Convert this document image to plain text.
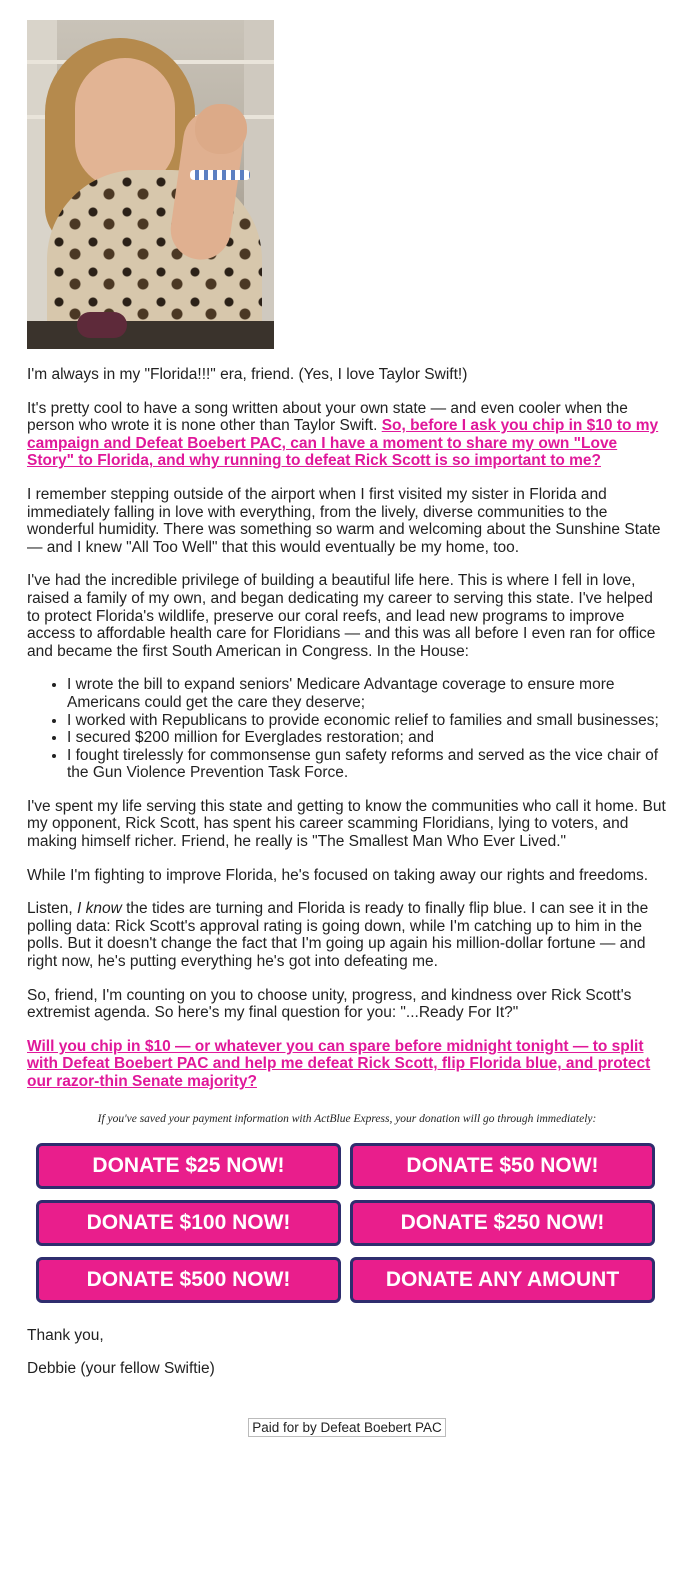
I'm always in my "Florida!!!" era, friend. (Yes, I love Taylor Swift!)

It's pretty cool to have a song written about your own state — and even cooler when the person who wrote it is none other than Taylor Swift. So, before I ask you chip in $10 to my campaign and Defeat Boebert PAC, can I have a moment to share my own "Love Story" to Florida, and why running to defeat Rick Scott is so important to me?

I remember stepping outside of the airport when I first visited my sister in Florida and immediately falling in love with everything, from the lively, diverse communities to the wonderful humidity. There was something so warm and welcoming about the Sunshine State — and I knew "All Too Well" that this would eventually be my home, too.

I've had the incredible privilege of building a beautiful life here. This is where I fell in love, raised a family of my own, and began dedicating my career to serving this state. I've helped to protect Florida's wildlife, preserve our coral reefs, and lead new programs to improve access to affordable health care for Floridians — and this was all before I even ran for office and became the first South American in Congress. In the House:

• I wrote the bill to expand seniors' Medicare Advantage coverage to ensure more Americans could get the care they deserve;
• I worked with Republicans to provide economic relief to families and small businesses;
• I secured $200 million for Everglades restoration; and
• I fought tirelessly for commonsense gun safety reforms and served as the vice chair of the Gun Violence Prevention Task Force.

I've spent my life serving this state and getting to know the communities who call it home. But my opponent, Rick Scott, has spent his career scamming Floridians, lying to voters, and making himself richer. Friend, he really is "The Smallest Man Who Ever Lived."

While I'm fighting to improve Florida, he's focused on taking away our rights and freedoms.

Listen, I know the tides are turning and Florida is ready to finally flip blue. I can see it in the polling data: Rick Scott's approval rating is going down, while I'm catching up to him in the polls. But it doesn't change the fact that I'm going up again his million-dollar fortune — and right now, he's putting everything he's got into defeating me.

So, friend, I'm counting on you to choose unity, progress, and kindness over Rick Scott's extremist agenda. So here's my final question for you: "...Ready For It?"

Will you chip in $10 — or whatever you can spare before midnight tonight — to split with Defeat Boebert PAC and help me defeat Rick Scott, flip Florida blue, and protect our razor-thin Senate majority?

If you've saved your payment information with ActBlue Express, your donation will go through immediately:
DONATE $25 NOW!	DONATE $50 NOW!
DONATE $100 NOW!	DONATE $250 NOW!
DONATE $500 NOW!	DONATE ANY AMOUNT

Thank you,

Debbie (your fellow Swiftie)

Paid for by Defeat Boebert PAC
